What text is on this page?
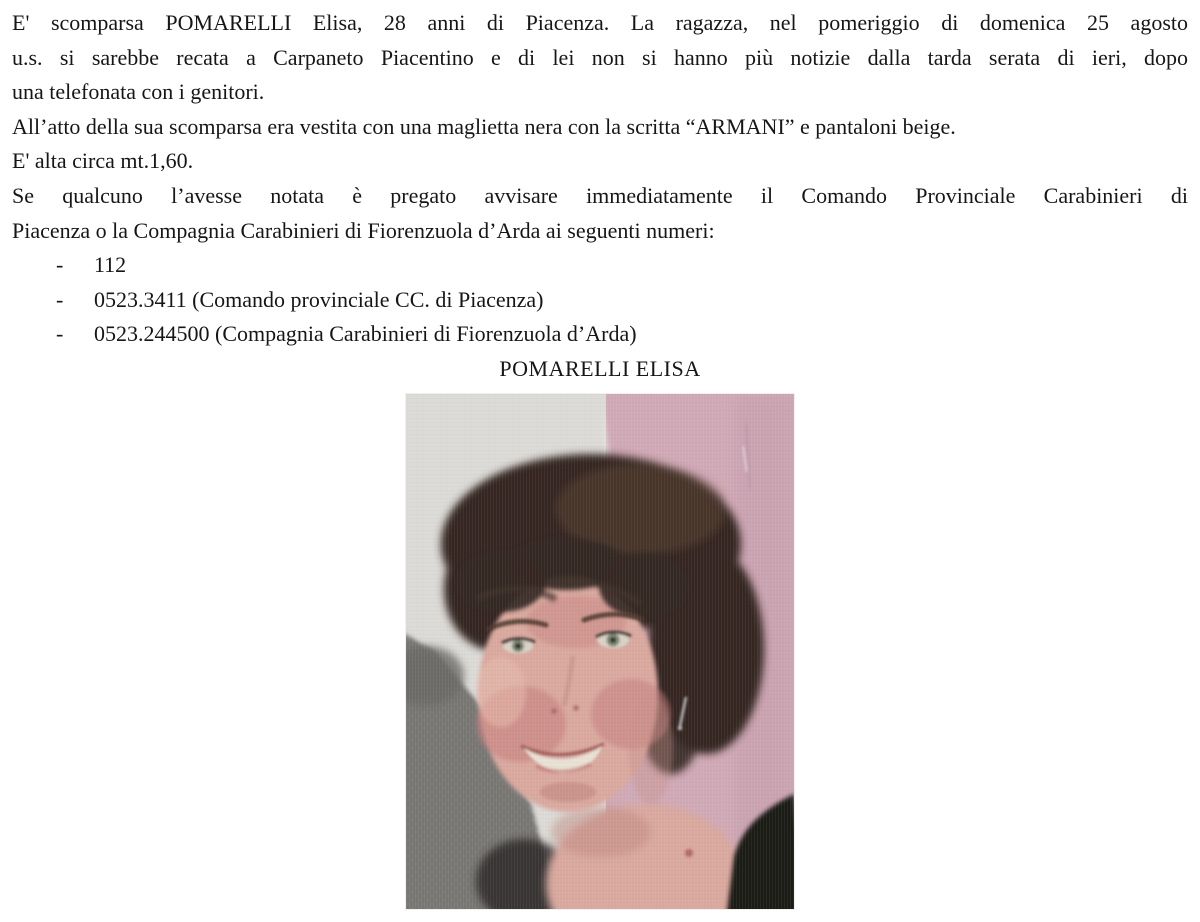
E' scomparsa POMARELLI Elisa, 28 anni di Piacenza. La ragazza, nel pomeriggio di domenica 25 agosto
u.s. si sarebbe recata a Carpaneto Piacentino e di lei non si hanno più notizie dalla tarda serata di ieri, dopo
una telefonata con i genitori.
All’atto della sua scomparsa era vestita con una maglietta nera con la scritta “ARMANI” e pantaloni beige.
E' alta circa mt.1,60.
Se qualcuno l’avesse notata è pregato avvisare immediatamente il Comando Provinciale Carabinieri di
Piacenza o la Compagnia Carabinieri di Fiorenzuola d’Arda ai seguenti numeri:
-	112
-	0523.3411 (Comando provinciale CC. di Piacenza)
-	0523.244500 (Compagnia Carabinieri di Fiorenzuola d’Arda)
POMARELLI ELISA
